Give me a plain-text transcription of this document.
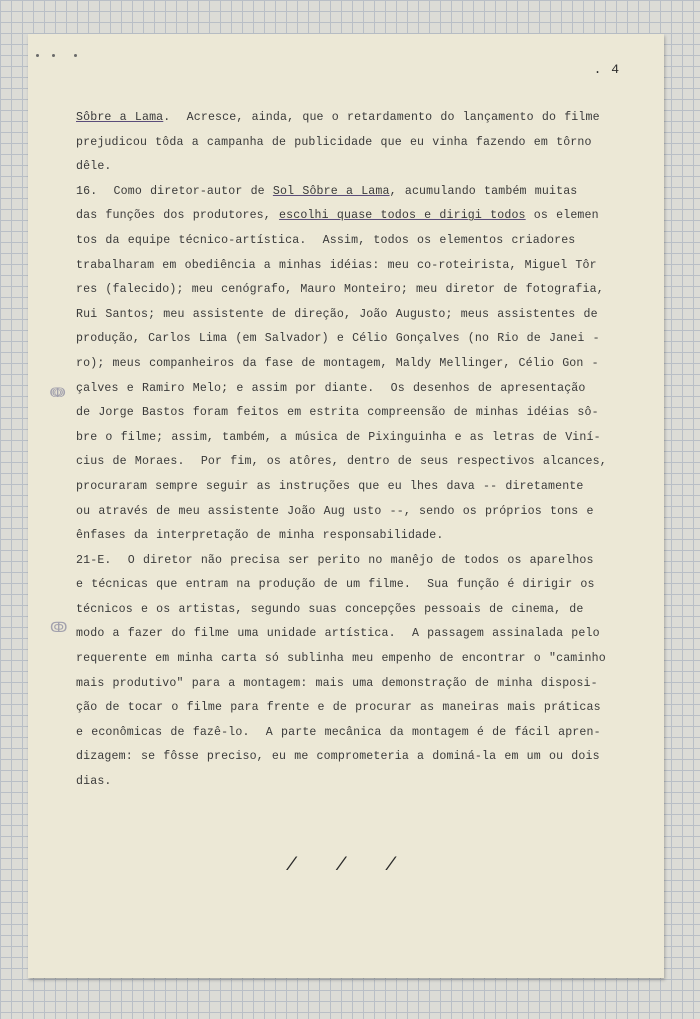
. 4
Sôbre a Lama.  Acresce, ainda, que o retardamento do lançamento do filme
prejudicou tôda a campanha de publicidade que eu vinha fazendo em tôrno
dêle.
16.  Como diretor-autor de Sol Sôbre a Lama, acumulando também muitas
das funções dos produtores, escolhi quase todos e dirigi todos os elemen
tos da equipe técnico-artística.  Assim, todos os elementos criadores
trabalharam em obediência a minhas idéias: meu co-roteirista, Miguel Tôr
res (falecido); meu cenógrafo, Mauro Monteiro; meu diretor de fotografia,
Rui Santos; meu assistente de direção, João Augusto; meus assistentes de
produção, Carlos Lima (em Salvador) e Célio Gonçalves (no Rio de Janei -
ro); meus companheiros da fase de montagem, Maldy Mellinger, Célio Gon -
çalves e Ramiro Melo; e assim por diante.  Os desenhos de apresentação
de Jorge Bastos foram feitos em estrita compreensão de minhas idéias sô-
bre o filme; assim, também, a música de Pixinguinha e as letras de Viní-
cius de Moraes.  Por fim, os atôres, dentro de seus respectivos alcances,
procuraram sempre seguir as instruções que eu lhes dava -- diretamente
ou através de meu assistente João Aug usto --, sendo os próprios tons e
ênfases da interpretação de minha responsabilidade.
21-E.  O diretor não precisa ser perito no manêjo de todos os aparelhos
e técnicas que entram na produção de um filme.  Sua função é dirigir os
técnicos e os artistas, segundo suas concepções pessoais de cinema, de
modo a fazer do filme uma unidade artística.  A passagem assinalada pelo
requerente em minha carta só sublinha meu empenho de encontrar o "caminho
mais produtivo" para a montagem: mais uma demonstração de minha disposi-
ção de tocar o filme para frente e de procurar as maneiras mais práticas
e econômicas de fazê-lo.  A parte mecânica da montagem é de fácil apren-
dizagem: se fôsse preciso, eu me comprometeria a dominá-la em um ou dois
dias.
/ / /
ↈ
ↂ
